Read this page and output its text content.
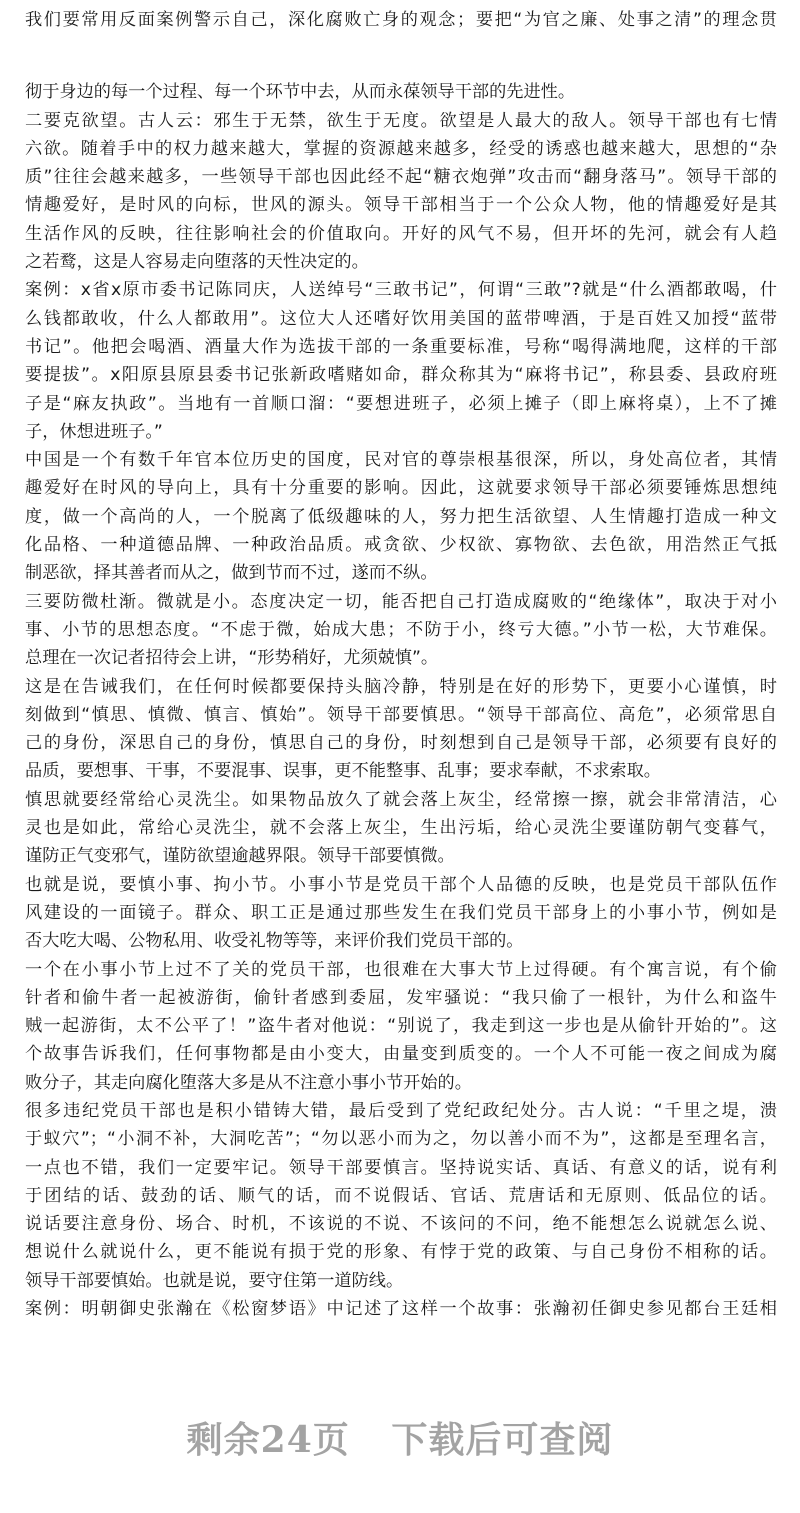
我们要常用反面案例警示自己，深化腐败亡身的观念；要把“为官之廉、处事之清”的理念贯
彻于身边的每一个过程、每一个环节中去，从而永葆领导干部的先进性。
二要克欲望。古人云：邪生于无禁，欲生于无度。欲望是人最大的敌人。领导干部也有七情
六欲。随着手中的权力越来越大，掌握的资源越来越多，经受的诱惑也越来越大，思想的“杂
质”往往会越来越多，一些领导干部也因此经不起“糖衣炮弹”攻击而“翻身落马”。领导干部的
情趣爱好，是时风的向标，世风的源头。领导干部相当于一个公众人物，他的情趣爱好是其
生活作风的反映，往往影响社会的价值取向。开好的风气不易，但开坏的先河，就会有人趋
之若鹜，这是人容易走向堕落的天性决定的。
案例：x省x原市委书记陈同庆，人送绰号“三敢书记”，何谓“三敢”?就是“什么酒都敢喝，什
么钱都敢收，什么人都敢用”。这位大人还嗜好饮用美国的蓝带啤酒，于是百姓又加授“蓝带
书记”。他把会喝酒、酒量大作为选拔干部的一条重要标准，号称“喝得满地爬，这样的干部
要提拔”。x阳原县原县委书记张新政嗜赌如命，群众称其为“麻将书记”，称县委、县政府班
子是“麻友执政”。当地有一首顺口溜：“要想进班子，必须上摊子（即上麻将桌），上不了摊
子，休想进班子。”
中国是一个有数千年官本位历史的国度，民对官的尊崇根基很深，所以，身处高位者，其情
趣爱好在时风的导向上，具有十分重要的影响。因此，这就要求领导干部必须要锤炼思想纯
度，做一个高尚的人，一个脱离了低级趣味的人，努力把生活欲望、人生情趣打造成一种文
化品格、一种道德品牌、一种政治品质。戒贪欲、少权欲、寡物欲、去色欲，用浩然正气抵
制恶欲，择其善者而从之，做到节而不过，遂而不纵。
三要防微杜渐。微就是小。态度决定一切，能否把自己打造成腐败的“绝缘体”，取决于对小
事、小节的思想态度。“不虑于微，始成大患；不防于小，终亏大德。”小节一松，大节难保。
总理在一次记者招待会上讲，“形势稍好，尤须兢慎”。
这是在告诫我们，在任何时候都要保持头脑冷静，特别是在好的形势下，更要小心谨慎，时
刻做到“慎思、慎微、慎言、慎始”。领导干部要慎思。“领导干部高位、高危”，必须常思自
己的身份，深思自己的身份，慎思自己的身份，时刻想到自己是领导干部，必须要有良好的
品质，要想事、干事，不要混事、误事，更不能整事、乱事；要求奉献，不求索取。
慎思就要经常给心灵洗尘。如果物品放久了就会落上灰尘，经常擦一擦，就会非常清洁，心
灵也是如此，常给心灵洗尘，就不会落上灰尘，生出污垢，给心灵洗尘要谨防朝气变暮气，
谨防正气变邪气，谨防欲望逾越界限。领导干部要慎微。
也就是说，要慎小事、拘小节。小事小节是党员干部个人品德的反映，也是党员干部队伍作
风建设的一面镜子。群众、职工正是通过那些发生在我们党员干部身上的小事小节，例如是
否大吃大喝、公物私用、收受礼物等等，来评价我们党员干部的。
一个在小事小节上过不了关的党员干部，也很难在大事大节上过得硬。有个寓言说，有个偷
针者和偷牛者一起被游街，偷针者感到委屈，发牢骚说：“我只偷了一根针，为什么和盗牛
贼一起游街，太不公平了！”盗牛者对他说：“别说了，我走到这一步也是从偷针开始的”。这
个故事告诉我们，任何事物都是由小变大，由量变到质变的。一个人不可能一夜之间成为腐
败分子，其走向腐化堕落大多是从不注意小事小节开始的。
很多违纪党员干部也是积小错铸大错，最后受到了党纪政纪处分。古人说：“千里之堤，溃
于蚁穴”；“小洞不补，大洞吃苦”；“勿以恶小而为之，勿以善小而不为”，这都是至理名言，
一点也不错，我们一定要牢记。领导干部要慎言。坚持说实话、真话、有意义的话，说有利
于团结的话、鼓劲的话、顺气的话，而不说假话、官话、荒唐话和无原则、低品位的话。
说话要注意身份、场合、时机，不该说的不说、不该问的不问，绝不能想怎么说就怎么说、
想说什么就说什么，更不能说有损于党的形象、有悖于党的政策、与自己身份不相称的话。
领导干部要慎始。也就是说，要守住第一道防线。
案例：明朝御史张瀚在《松窗梦语》中记述了这样一个故事：张瀚初任御史参见都台王廷相
剩余24页 下载后可查阅
